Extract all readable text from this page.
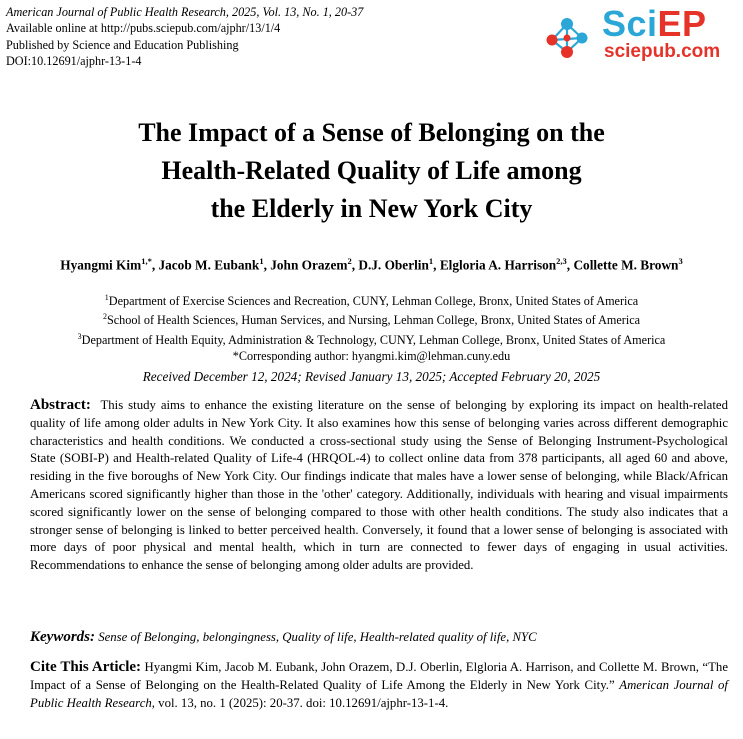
American Journal of Public Health Research, 2025, Vol. 13, No. 1, 20-37
Available online at http://pubs.sciepub.com/ajphr/13/1/4
Published by Science and Education Publishing
DOI:10.12691/ajphr-13-1-4
SciEP
sciepub.com
The Impact of a Sense of Belonging on the
Health-Related Quality of Life among
the Elderly in New York City
Hyangmi Kim$^{1,*}$, Jacob M. Eubank$^1$, John Orazem$^2$, D.J. Oberlin$^1$, Elgloria A. Harrison$^{2,3}$, Collette M. Brown$^3$
$^1$Department of Exercise Sciences and Recreation, CUNY, Lehman College, Bronx, United States of America
$^2$School of Health Sciences, Human Services, and Nursing, Lehman College, Bronx, United States of America
$^3$Department of Health Equity, Administration & Technology, CUNY, Lehman College, Bronx, United States of America
*Corresponding author: hyangmi.kim@lehman.cuny.edu
Received December 12, 2024; Revised January 13, 2025; Accepted February 20, 2025
Abstract: This study aims to enhance the existing literature on the sense of belonging by exploring its impact on health-related quality of life among older adults in New York City. It also examines how this sense of belonging varies across different demographic characteristics and health conditions. We conducted a cross-sectional study using the Sense of Belonging Instrument-Psychological State (SOBI-P) and Health-related Quality of Life-4 (HRQOL-4) to collect online data from 378 participants, all aged 60 and above, residing in the five boroughs of New York City. Our findings indicate that males have a lower sense of belonging, while Black/African Americans scored significantly higher than those in the 'other' category. Additionally, individuals with hearing and visual impairments scored significantly lower on the sense of belonging compared to those with other health conditions. The study also indicates that a stronger sense of belonging is linked to better perceived health. Conversely, it found that a lower sense of belonging is associated with more days of poor physical and mental health, which in turn are connected to fewer days of engaging in usual activities. Recommendations to enhance the sense of belonging among older adults are provided.
Keywords: Sense of Belonging, belongingness, Quality of life, Health-related quality of life, NYC
Cite This Article: Hyangmi Kim, Jacob M. Eubank, John Orazem, D.J. Oberlin, Elgloria A. Harrison, and Collette M. Brown, “The Impact of a Sense of Belonging on the Health-Related Quality of Life Among the Elderly in New York City.” American Journal of Public Health Research, vol. 13, no. 1 (2025): 20-37. doi: 10.12691/ajphr-13-1-4.
